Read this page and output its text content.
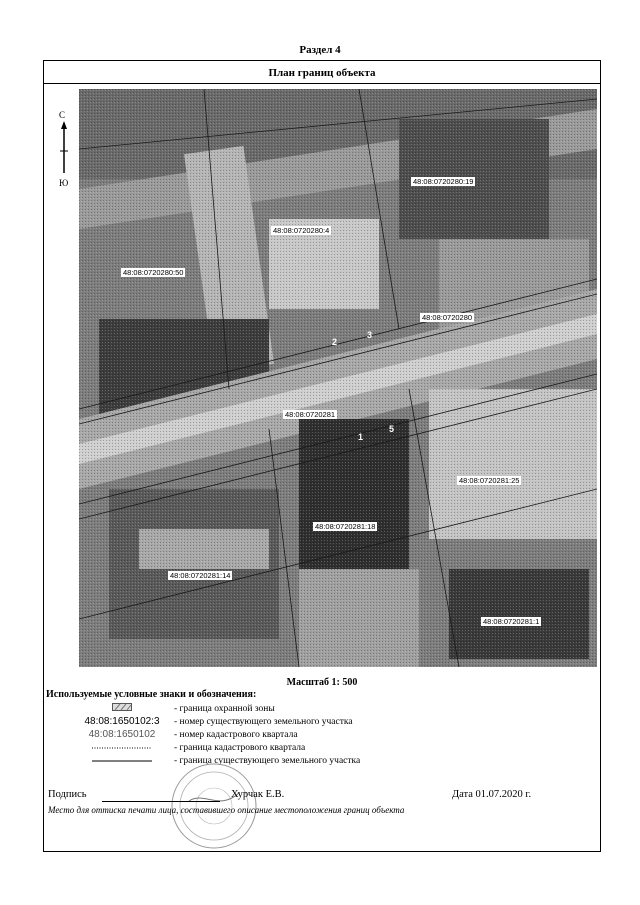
Раздел 4
План границ объекта
С
Ю	48:08:0720280:19
48:08:0720280:4
48:08:0720280:50
48:08:0720280
48:08:0720281
48:08:0720281:25
48:08:0720281:18
48:08:0720281:14
48:08:0720281:1
2
3
1
5
Масштаб 1: 500
Используемые условные знаки и обозначения:
- граница охранной зоны
48:08:1650102:3	- номер существующего земельного участка
48:08:1650102	- номер кадастрового квартала
- граница кадастрового квартала
- граница существующего земельного участка
Подпись	Хурчак Е.В.	Дата 01.07.2020 г.
Место для оттиска печати лица, составившего описание местоположения границ объекта
